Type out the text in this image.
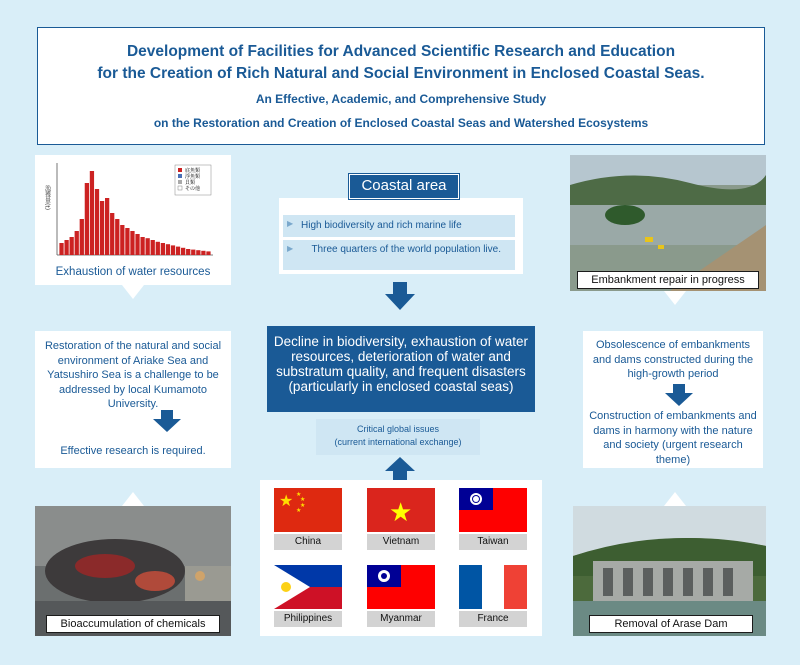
Development of Facilities for Advanced Scientific Research and Education
for the Creation of Rich Natural and Social Environment in Enclosed Coastal Seas.
An Effective, Academic, and Comprehensive Study
on the Restoration and Creation of Enclosed Coastal Seas and Watershed Ecosystems
漁獲量(t)
底魚類
浮魚類
貝類
その他
Exhaustion of water resources
Restoration of the natural and social environment of Ariake Sea and Yatsushiro Sea is a challenge to be addressed by local Kumamoto University.
Effective research is required.
Bioaccumulation of chemicals
Coastal area
▶ High biodiversity and rich marine life
▶	Three quarters of the world population live.
Decline in biodiversity, exhaustion of water resources, deterioration of water and substratum quality, and frequent disasters (particularly in enclosed coastal seas)
Critical global issues
(current international exchange)
★ ★
★
★
★
China
★
Vietnam	Taiwan
Philippines	Myanmar	France
Embankment repair in progress
Obsolescence of embankments and dams constructed during the high-growth period
Construction of embankments and dams in harmony with the nature and society (urgent research theme)
Removal of Arase Dam
